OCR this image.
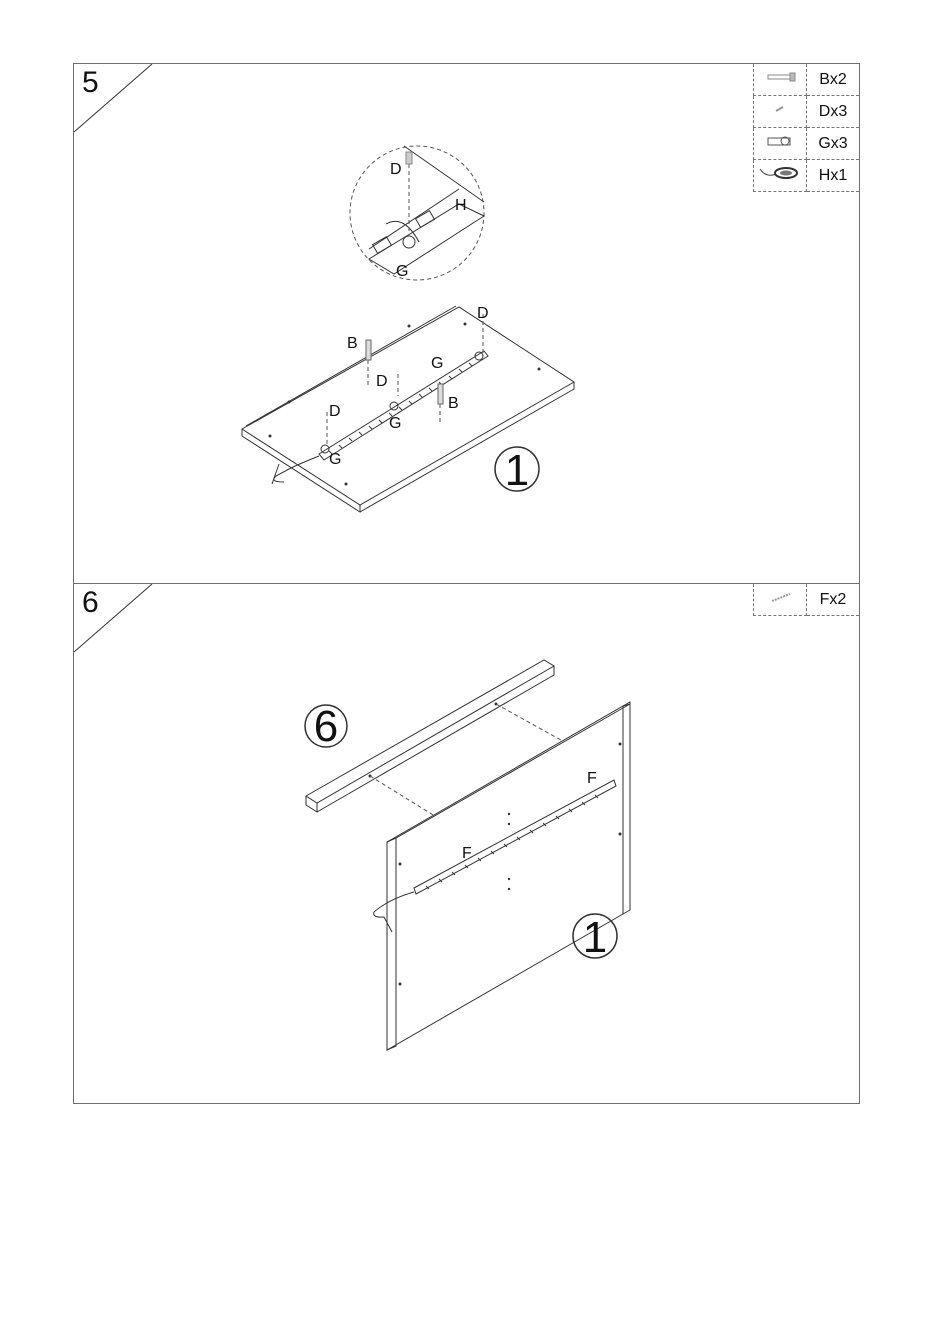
5
		Bx2
	Dx3
	Gx3
	Hx1
D
H
G
D
B
G
D
B
D
G
G	1
6
		Fx2
F
F
6
1
